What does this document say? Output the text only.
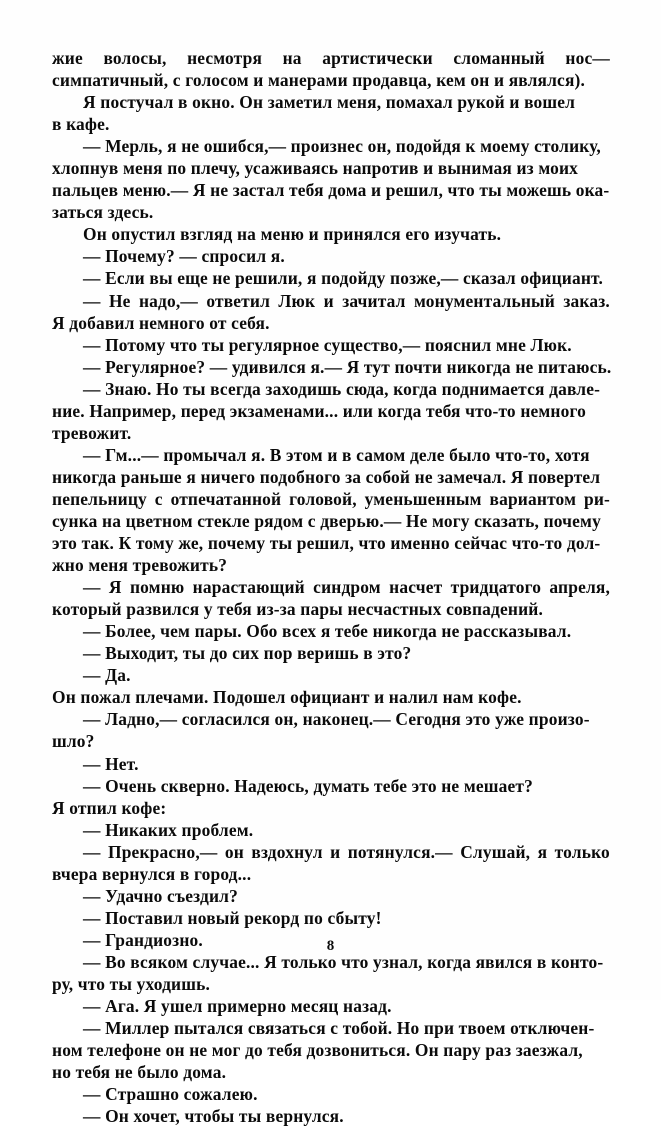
жие волосы, несмотря на артистически сломанный нос—
симпатичный, с голосом и манерами продавца, кем он и являлся).
Я постучал в окно. Он заметил меня, помахал рукой и вошел
в кафе.
— Мерль, я не ошибся,— произнес он, подойдя к моему столику,
хлопнув меня по плечу, усаживаясь напротив и вынимая из моих
пальцев меню.— Я не застал тебя дома и решил, что ты можешь ока-
заться здесь.
Он опустил взгляд на меню и принялся его изучать.
— Почему? — спросил я.
— Если вы еще не решили, я подойду позже,— сказал официант.
— Не надо,— ответил Люк и зачитал монументальный заказ.
Я добавил немного от себя.
— Потому что ты регулярное существо,— пояснил мне Люк.
— Регулярное? — удивился я.— Я тут почти никогда не питаюсь.
— Знаю. Но ты всегда заходишь сюда, когда поднимается давле-
ние. Например, перед экзаменами... или когда тебя что-то немного
тревожит.
— Гм...— промычал я. В этом и в самом деле было что-то, хотя
никогда раньше я ничего подобного за собой не замечал. Я повертел
пепельницу с отпечатанной головой, уменьшенным вариантом ри-
сунка на цветном стекле рядом с дверью.— Не могу сказать, почему
это так. К тому же, почему ты решил, что именно сейчас что-то дол-
жно меня тревожить?
— Я помню нарастающий синдром насчет тридцатого апреля,
который развился у тебя из-за пары несчастных совпадений.
— Более, чем пары. Обо всех я тебе никогда не рассказывал.
— Выходит, ты до сих пор веришь в это?
— Да.
Он пожал плечами. Подошел официант и налил нам кофе.
— Ладно,— согласился он, наконец.— Сегодня это уже произо-
шло?
— Нет.
— Очень скверно. Надеюсь, думать тебе это не мешает?
Я отпил кофе:
— Никаких проблем.
— Прекрасно,— он вздохнул и потянулся.— Слушай, я только
вчера вернулся в город...
— Удачно съездил?
— Поставил новый рекорд по сбыту!
— Грандиозно.
— Во всяком случае... Я только что узнал, когда явился в конто-
ру, что ты уходишь.
— Ага. Я ушел примерно месяц назад.
— Миллер пытался связаться с тобой. Но при твоем отключен-
ном телефоне он не мог до тебя дозвониться. Он пару раз заезжал,
но тебя не было дома.
— Страшно сожалею.
— Он хочет, чтобы ты вернулся.
8
